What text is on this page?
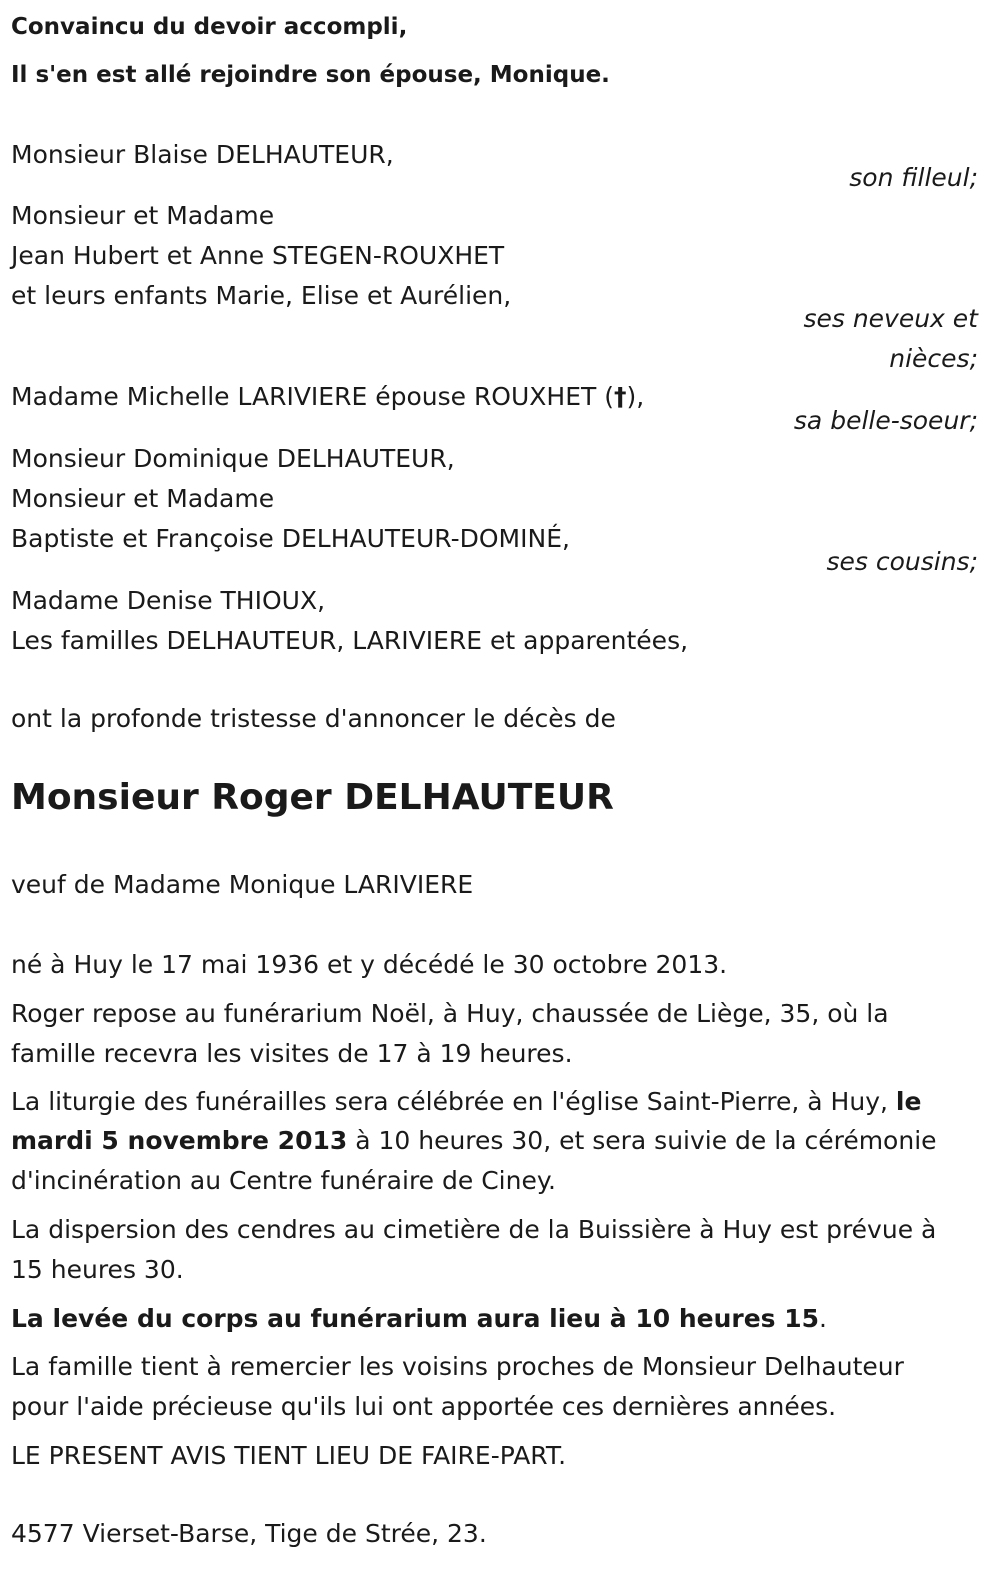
Convaincu du devoir accompli,
Il s'en est allé rejoindre son épouse, Monique.
Monsieur Blaise DELHAUTEUR,
son filleul;
Monsieur et Madame
Jean Hubert et Anne STEGEN-ROUXHET
et leurs enfants Marie, Elise et Aurélien,
ses neveux et
nièces;
Madame Michelle LARIVIERE épouse ROUXHET (†),
sa belle-soeur;
Monsieur Dominique DELHAUTEUR,
Monsieur et Madame
Baptiste et Françoise DELHAUTEUR-DOMINÉ,
ses cousins;
Madame Denise THIOUX,
Les familles DELHAUTEUR, LARIVIERE et apparentées,
ont la profonde tristesse d'annoncer le décès de
Monsieur Roger DELHAUTEUR
veuf de Madame Monique LARIVIERE
né à Huy le 17 mai 1936 et y décédé le 30 octobre 2013.
Roger repose au funérarium Noël, à Huy, chaussée de Liège, 35, où la
famille recevra les visites de 17 à 19 heures.
La liturgie des funérailles sera célébrée en l'église Saint-Pierre, à Huy, le
mardi 5 novembre 2013 à 10 heures 30, et sera suivie de la cérémonie
d'incinération au Centre funéraire de Ciney.
La dispersion des cendres au cimetière de la Buissière à Huy est prévue à
15 heures 30.
La levée du corps au funérarium aura lieu à 10 heures 15.
La famille tient à remercier les voisins proches de Monsieur Delhauteur
pour l'aide précieuse qu'ils lui ont apportée ces dernières années.
LE PRESENT AVIS TIENT LIEU DE FAIRE-PART.
4577 Vierset-Barse, Tige de Strée, 23.
